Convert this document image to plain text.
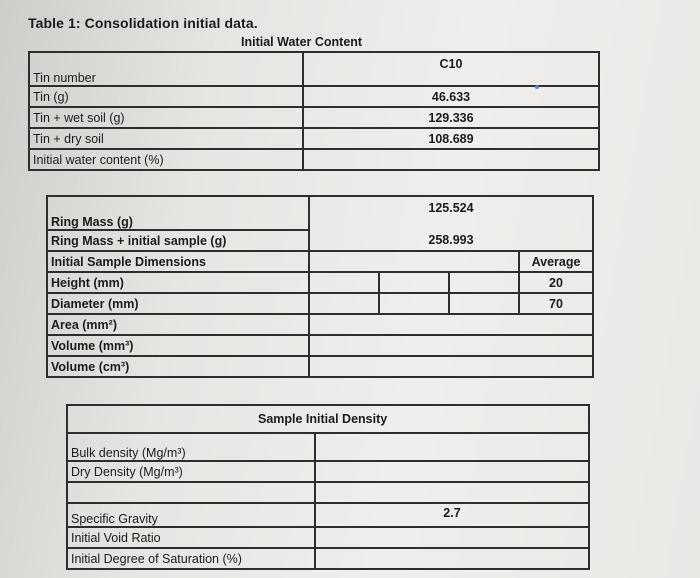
Table 1: Consolidation initial data.
	Initial Water Content
Tin number	C10
Tin (g)	46.633
Tin + wet soil (g)	129.336
Tin + dry soil	108.689
Initial water content (%)	
Ring Mass (g)	125.524			
Ring Mass + initial sample (g)	258.993			
Initial Sample Dimensions				Average
Height (mm)				20
Diameter (mm)				70
Area (mm²)				
Volume (mm³)				
Volume (cm³)				
Sample Initial Density	
Bulk density (Mg/m³)	
Dry Density (Mg/m³)	

Specific Gravity	2.7
Initial Void Ratio	
Initial Degree of Saturation (%)	
